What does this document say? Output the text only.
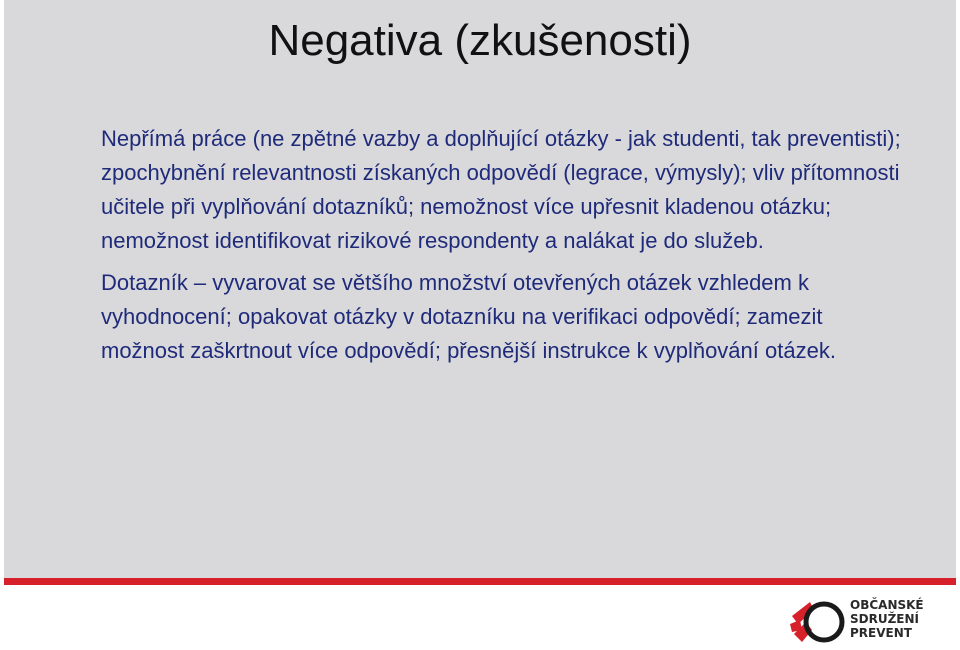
Negativa (zkušenosti)

Nepřímá práce (ne zpětné vazby a doplňující otázky - jak studenti, tak preventisti); zpochybnění relevantnosti získaných odpovědí (legrace, výmysly); vliv přítomnosti učitele při vyplňování dotazníků; nemožnost více upřesnit kladenou otázku; nemožnost identifikovat rizikové respondenty a nalákat je do služeb.

Dotazník – vyvarovat se většího množství otevřených otázek vzhledem k vyhodnocení; opakovat otázky v dotazníku na verifikaci odpovědí; zamezit možnost zaškrtnout více odpovědí; přesnější instrukce k vyplňování otázek.

OBČANSKÉ
SDRUŽENÍ
PREVENT
